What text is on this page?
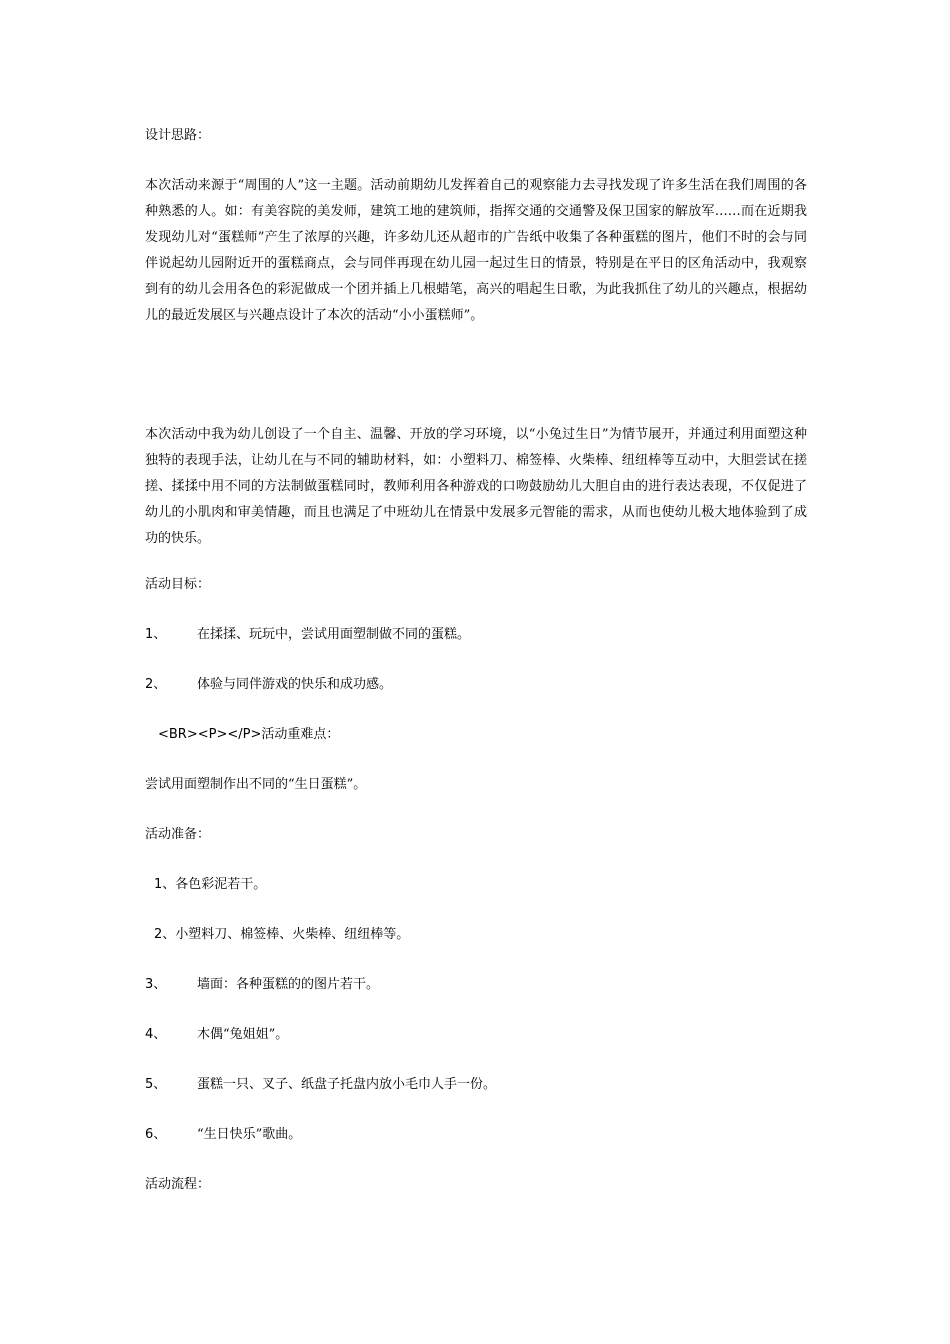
设计思路：

本次活动来源于“周围的人”这一主题。活动前期幼儿发挥着自己的观察能力去寻找发现了许多生活在我们周围的各种熟悉的人。如：有美容院的美发师，建筑工地的建筑师，指挥交通的交通警及保卫国家的解放军……而在近期我发现幼儿对“蛋糕师”产生了浓厚的兴趣，许多幼儿还从超市的广告纸中收集了各种蛋糕的图片，他们不时的会与同伴说起幼儿园附近开的蛋糕商点，会与同伴再现在幼儿园一起过生日的情景，特别是在平日的区角活动中，我观察到有的幼儿会用各色的彩泥做成一个团并插上几根蜡笔，高兴的唱起生日歌，为此我抓住了幼儿的兴趣点，根据幼儿的最近发展区与兴趣点设计了本次的活动“小小蛋糕师”。

本次活动中我为幼儿创设了一个自主、温馨、开放的学习环境，以“小兔过生日”为情节展开，并通过利用面塑这种独特的表现手法，让幼儿在与不同的辅助材料，如：小塑料刀、棉签棒、火柴棒、纽纽棒等互动中，大胆尝试在搓搓、揉揉中用不同的方法制做蛋糕同时，教师利用各种游戏的口吻鼓励幼儿大胆自由的进行表达表现，不仅促进了幼儿的小肌肉和审美情趣，而且也满足了中班幼儿在情景中发展多元智能的需求，从而也使幼儿极大地体验到了成功的快乐。

活动目标：

1、 在揉揉、玩玩中，尝试用面塑制做不同的蛋糕。

2、 体验与同伴游戏的快乐和成功感。

<BR><P></P>活动重难点：

尝试用面塑制作出不同的“生日蛋糕”。

活动准备：

1、各色彩泥若干。

2、小塑料刀、棉签棒、火柴棒、纽纽棒等。

3、 墙面：各种蛋糕的的图片若干。

4、 木偶“兔姐姐”。

5、 蛋糕一只、叉子、纸盘子托盘内放小毛巾人手一份。

6、 “生日快乐”歌曲。

活动流程：
